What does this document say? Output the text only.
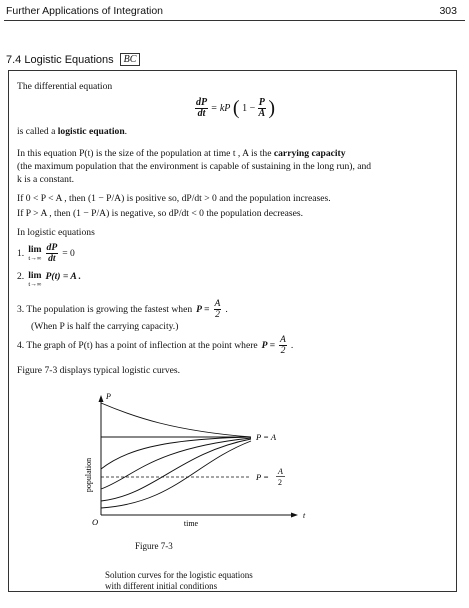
Further Applications of Integration	303
7.4 Logistic Equations	BC
The differential equation
$\frac{dP}{dt}$ = kP ( $1 - \frac{P}{A}$ )
is called a logistic equation.
In this equation P(t) is the size of the population at time t , A is the carrying capacity
(the maximum population that the environment is capable of sustaining in the long run), and
k is a constant.
If 0 < P < A , then (1 − P/A) is positive so, dP/dt > 0 and the population increases.
If P > A , then (1 − P/A) is negative, so dP/dt < 0 the population decreases.
In logistic equations
1. lim
$t\to\infty \frac{dP}{dt} = 0$
2. lim
t→∞
P(t) = A .
3. The population is growing the fastest when $P = \frac{A}{2}$ .
(When P is half the carrying capacity.)
4. The graph of P(t) has a point of inflection at the point where $P = \frac{A}{2}$ .
Figure 7-3 displays typical logistic curves.
P
t
O	time
population
P = A
P =
A
2
Figure 7-3
Solution curves for the logistic equations
with different initial conditions
